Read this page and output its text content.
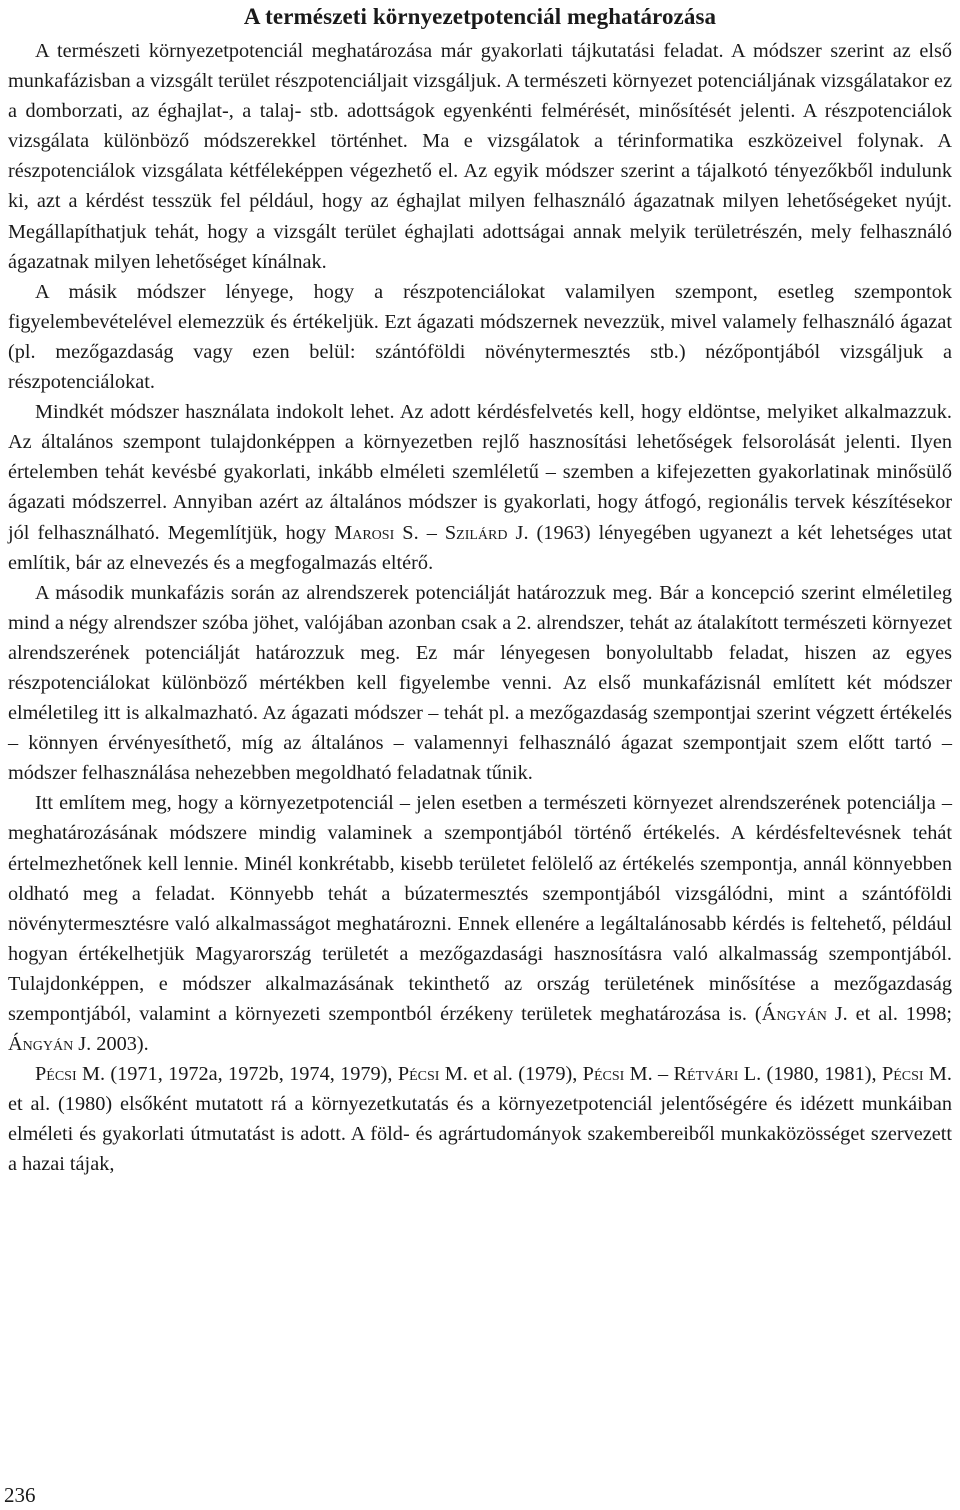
A természeti környezetpotenciál meghatározása

A természeti környezetpotenciál meghatározása már gyakorlati tájkutatási feladat. A módszer szerint az első munkafázisban a vizsgált terület részpotenciáljait vizsgáljuk. A természeti környezet potenciáljának vizsgálatakor ez a domborzati, az éghajlat-, a talaj- stb. adottságok egyenkénti felmérését, minősítését jelenti. A részpotenciálok vizsgálata különböző módszerekkel történhet. Ma e vizsgálatok a térinformatika eszközeivel folynak. A részpotenciálok vizsgálata kétféleképpen végezhető el. Az egyik módszer szerint a tájalkotó tényezőkből indulunk ki, azt a kérdést tesszük fel például, hogy az éghajlat milyen felhasználó ágazatnak milyen lehetőségeket nyújt. Megállapíthatjuk tehát, hogy a vizsgált terület éghajlati adottságai annak melyik területrészén, mely felhasználó ágazatnak milyen lehetőséget kínálnak.

A másik módszer lényege, hogy a részpotenciálokat valamilyen szempont, esetleg szempontok figyelembevételével elemezzük és értékeljük. Ezt ágazati módszernek nevezzük, mivel valamely felhasználó ágazat (pl. mezőgazdaság vagy ezen belül: szántóföldi növénytermesztés stb.) nézőpontjából vizsgáljuk a részpotenciálokat.

Mindkét módszer használata indokolt lehet. Az adott kérdésfelvetés kell, hogy eldöntse, melyiket alkalmazzuk. Az általános szempont tulajdonképpen a környezetben rejlő hasznosítási lehetőségek felsorolását jelenti. Ilyen értelemben tehát kevésbé gyakorlati, inkább elméleti szemléletű – szemben a kifejezetten gyakorlatinak minősülő ágazati módszerrel. Annyiban azért az általános módszer is gyakorlati, hogy átfogó, regionális tervek készítésekor jól felhasználható. Megemlítjük, hogy Marosi S. – Szilárd J. (1963) lényegében ugyanezt a két lehetséges utat említik, bár az elnevezés és a megfogalmazás eltérő.

A második munkafázis során az alrendszerek potenciálját határozzuk meg. Bár a koncepció szerint elméletileg mind a négy alrendszer szóba jöhet, valójában azonban csak a 2. alrendszer, tehát az átalakított természeti környezet alrendszerének potenciálját határozzuk meg. Ez már lényegesen bonyolultabb feladat, hiszen az egyes részpotenciálokat különböző mértékben kell figyelembe venni. Az első munkafázisnál említett két módszer elméletileg itt is alkalmazható. Az ágazati módszer – tehát pl. a mezőgazdaság szempontjai szerint végzett értékelés – könnyen érvényesíthető, míg az általános – valamennyi felhasználó ágazat szempontjait szem előtt tartó – módszer felhasználása nehezebben megoldható feladatnak tűnik.

Itt említem meg, hogy a környezetpotenciál – jelen esetben a természeti környezet alrendszerének potenciálja – meghatározásának módszere mindig valaminek a szempontjából történő értékelés. A kérdésfeltevésnek tehát értelmezhetőnek kell lennie. Minél konkrétabb, kisebb területet felölelő az értékelés szempontja, annál könnyebben oldható meg a feladat. Könnyebb tehát a búzatermesztés szempontjából vizsgálódni, mint a szántóföldi növénytermesztésre való alkalmasságot meghatározni. Ennek ellenére a legáltalánosabb kérdés is feltehető, például hogyan értékelhetjük Magyarország területét a mezőgazdasági hasznosításra való alkalmasság szempontjából. Tulajdonképpen, e módszer alkalmazásának tekinthető az ország területének minősítése a mezőgazdaság szempontjából, valamint a környezeti szempontból érzékeny területek meghatározása is. (Ángyán J. et al. 1998; Ángyán J. 2003).

Pécsi M. (1971, 1972a, 1972b, 1974, 1979), Pécsi M. et al. (1979), Pécsi M. – Rétvári L. (1980, 1981), Pécsi M. et al. (1980) elsőként mutatott rá a környezetkutatás és a környezetpotenciál jelentőségére és idézett munkáiban elméleti és gyakorlati útmutatást is adott. A föld- és agrártudományok szakembereiből munkaközösséget szervezett a hazai tájak,

236
